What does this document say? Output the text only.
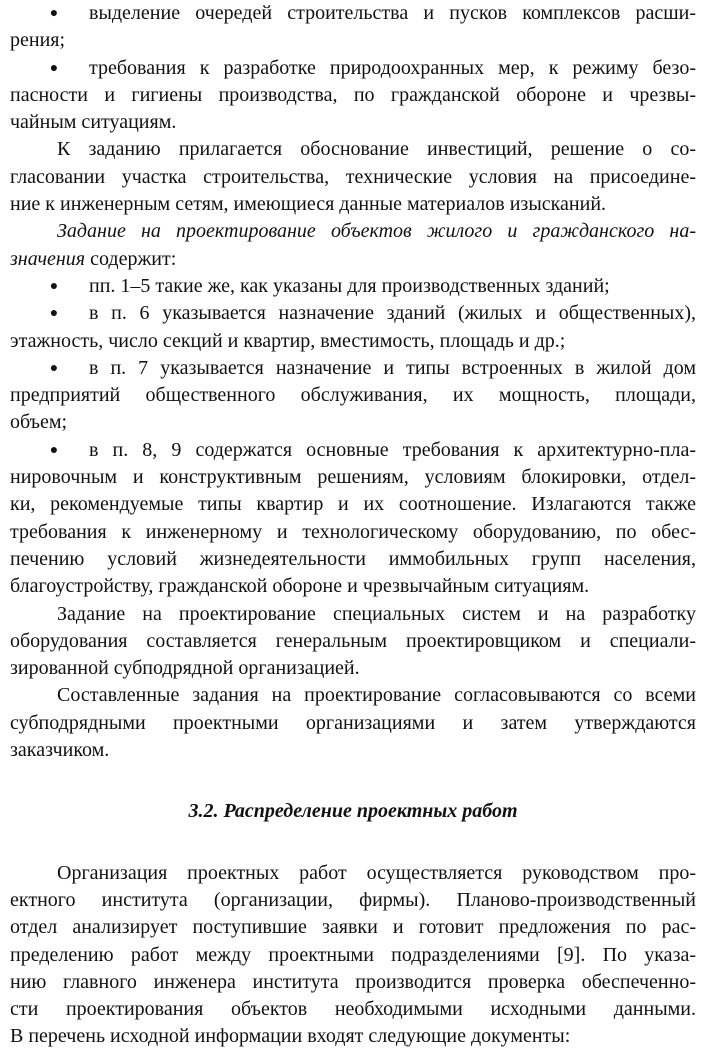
●	выделение очередей строительства и пусков комплексов расши-
рения;
●	требования к разработке природоохранных мер, к режиму безо-
пасности и гигиены производства, по гражданской обороне и чрезвы-
чайным ситуациям.
К заданию прилагается обоснование инвестиций, решение о со-
гласовании участка строительства, технические условия на присоедине-
ние к инженерным сетям, имеющиеся данные материалов изысканий.
Задание на проектирование объектов жилого и гражданского на-
значения содержит:
●	пп. 1–5 такие же, как указаны для производственных зданий;
●	в п. 6 указывается назначение зданий (жилых и общественных),
этажность, число секций и квартир, вместимость, площадь и др.;
●	в п. 7 указывается назначение и типы встроенных в жилой дом
предприятий общественного обслуживания, их мощность, площади,
объем;
●	в п. 8, 9 содержатся основные требования к архитектурно-пла-
нировочным и конструктивным решениям, условиям блокировки, отдел-
ки, рекомендуемые типы квартир и их соотношение. Излагаются также
требования к инженерному и технологическому оборудованию, по обес-
печению условий жизнедеятельности иммобильных групп населения,
благоустройству, гражданской обороне и чрезвычайным ситуациям.
Задание на проектирование специальных систем и на разработку
оборудования составляется генеральным проектировщиком и специали-
зированной субподрядной организацией.
Составленные задания на проектирование согласовываются со всеми
субподрядными проектными организациями и затем утверждаются
заказчиком.
3.2. Распределение проектных работ
Организация проектных работ осуществляется руководством про-
ектного института (организации, фирмы). Планово-производственный
отдел анализирует поступившие заявки и готовит предложения по рас-
пределению работ между проектными подразделениями [9]. По указа-
нию главного инженера института производится проверка обеспеченно-
сти проектирования объектов необходимыми исходными данными.
В перечень исходной информации входят следующие документы:
